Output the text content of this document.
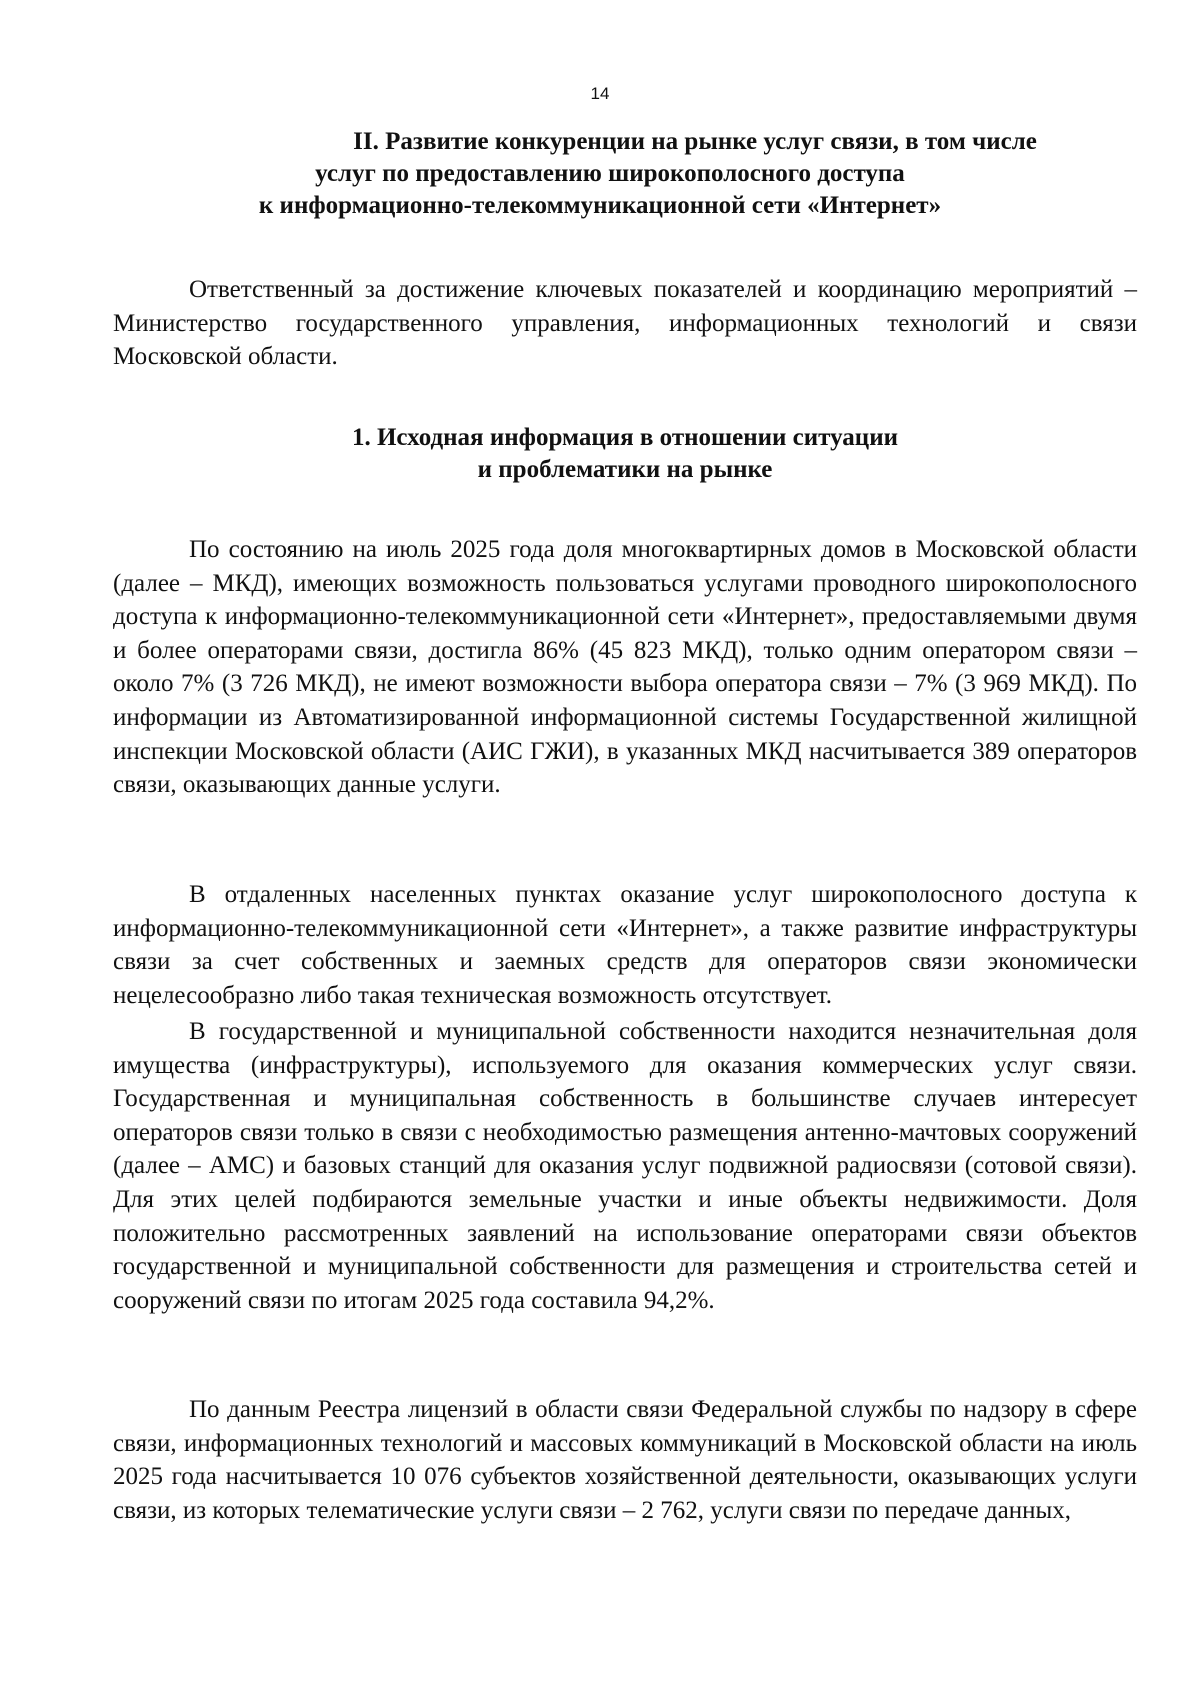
14
II. Развитие конкуренции на рынке услуг связи, в том числе
услуг по предоставлению широкополосного доступа
к информационно-телекоммуникационной сети «Интернет»

Ответственный за достижение ключевых показателей и координацию мероприятий – Министерство государственного управления, информационных технологий и связи Московской области.

1. Исходная информация в отношении ситуации
и проблематики на рынке

По состоянию на июль 2025 года доля многоквартирных домов в Московской области (далее – МКД), имеющих возможность пользоваться услугами проводного широкополосного доступа к информационно-телекоммуникационной сети «Интернет», предоставляемыми двумя и более операторами связи, достигла 86% (45 823 МКД), только одним оператором связи – около 7% (3 726 МКД), не имеют возможности выбора оператора связи – 7% (3 969 МКД). По информации из Автоматизированной информационной системы Государственной жилищной инспекции Московской области (АИС ГЖИ), в указанных МКД насчитывается 389 операторов связи, оказывающих данные услуги.

В отдаленных населенных пунктах оказание услуг широкополосного доступа к информационно-телекоммуникационной сети «Интернет», а также развитие инфраструктуры связи за счет собственных и заемных средств для операторов связи экономически нецелесообразно либо такая техническая возможность отсутствует.

В государственной и муниципальной собственности находится незначительная доля имущества (инфраструктуры), используемого для оказания коммерческих услуг связи. Государственная и муниципальная собственность в большинстве случаев интересует операторов связи только в связи с необходимостью размещения антенно-мачтовых сооружений (далее – АМС) и базовых станций для оказания услуг подвижной радиосвязи (сотовой связи). Для этих целей подбираются земельные участки и иные объекты недвижимости. Доля положительно рассмотренных заявлений на использование операторами связи объектов государственной и муниципальной собственности для размещения и строительства сетей и сооружений связи по итогам 2025 года составила 94,2%.

По данным Реестра лицензий в области связи Федеральной службы по надзору в сфере связи, информационных технологий и массовых коммуникаций в Московской области на июль 2025 года насчитывается 10 076 субъектов хозяйственной деятельности, оказывающих услуги связи, из которых телематические услуги связи – 2 762, услуги связи по передаче данных,
